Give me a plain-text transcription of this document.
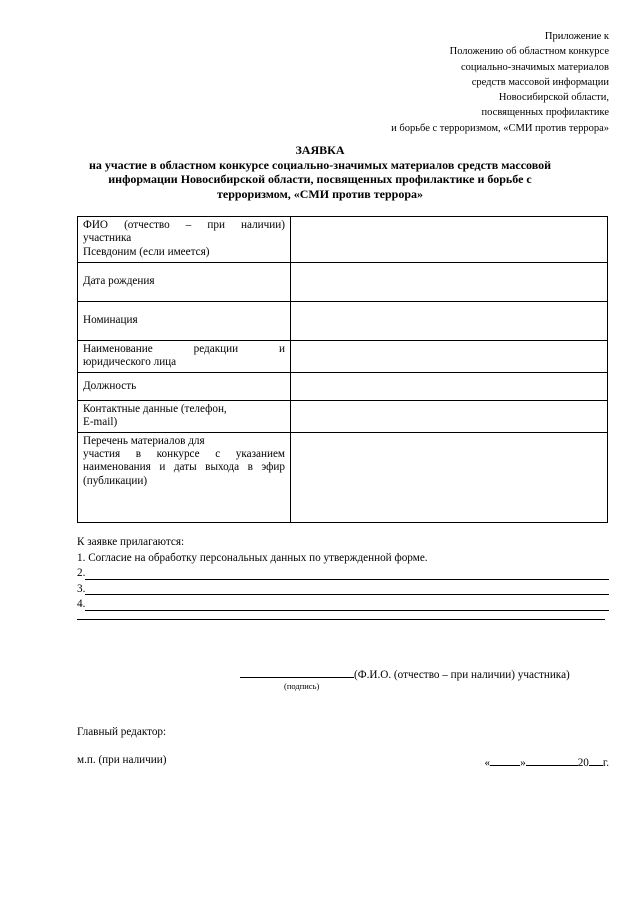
Приложение к
Положению об областном конкурсе
социально-значимых материалов
средств массовой информации
Новосибирской области,
посвященных профилактике
и борьбе с терроризмом, «СМИ против террора»
ЗАЯВКА
на участие в областном конкурсе социально-значимых материалов средств массовой
информации Новосибирской области, посвященных профилактике и борьбе с
терроризмом, «СМИ против террора»
ФИО (отчество – при наличии)
участника
Псевдоним (если имеется)	

Дата рождения	
Номинация	

Наименование редакции и
юридического лица	

Должность	

Контактные данные (телефон,
E-mail)	

Перечень материалов для
участия в конкурсе с указанием
наименования и даты выхода в эфир
(публикации)	

К заявке прилагаются:
1. Согласие на обработку персональных данных по утвержденной форме.
2.
3.
4.
(Ф.И.О. (отчество – при наличии) участника)
(подпись)
Главный редактор:
м.п. (при наличии)	«	»	20 г.
